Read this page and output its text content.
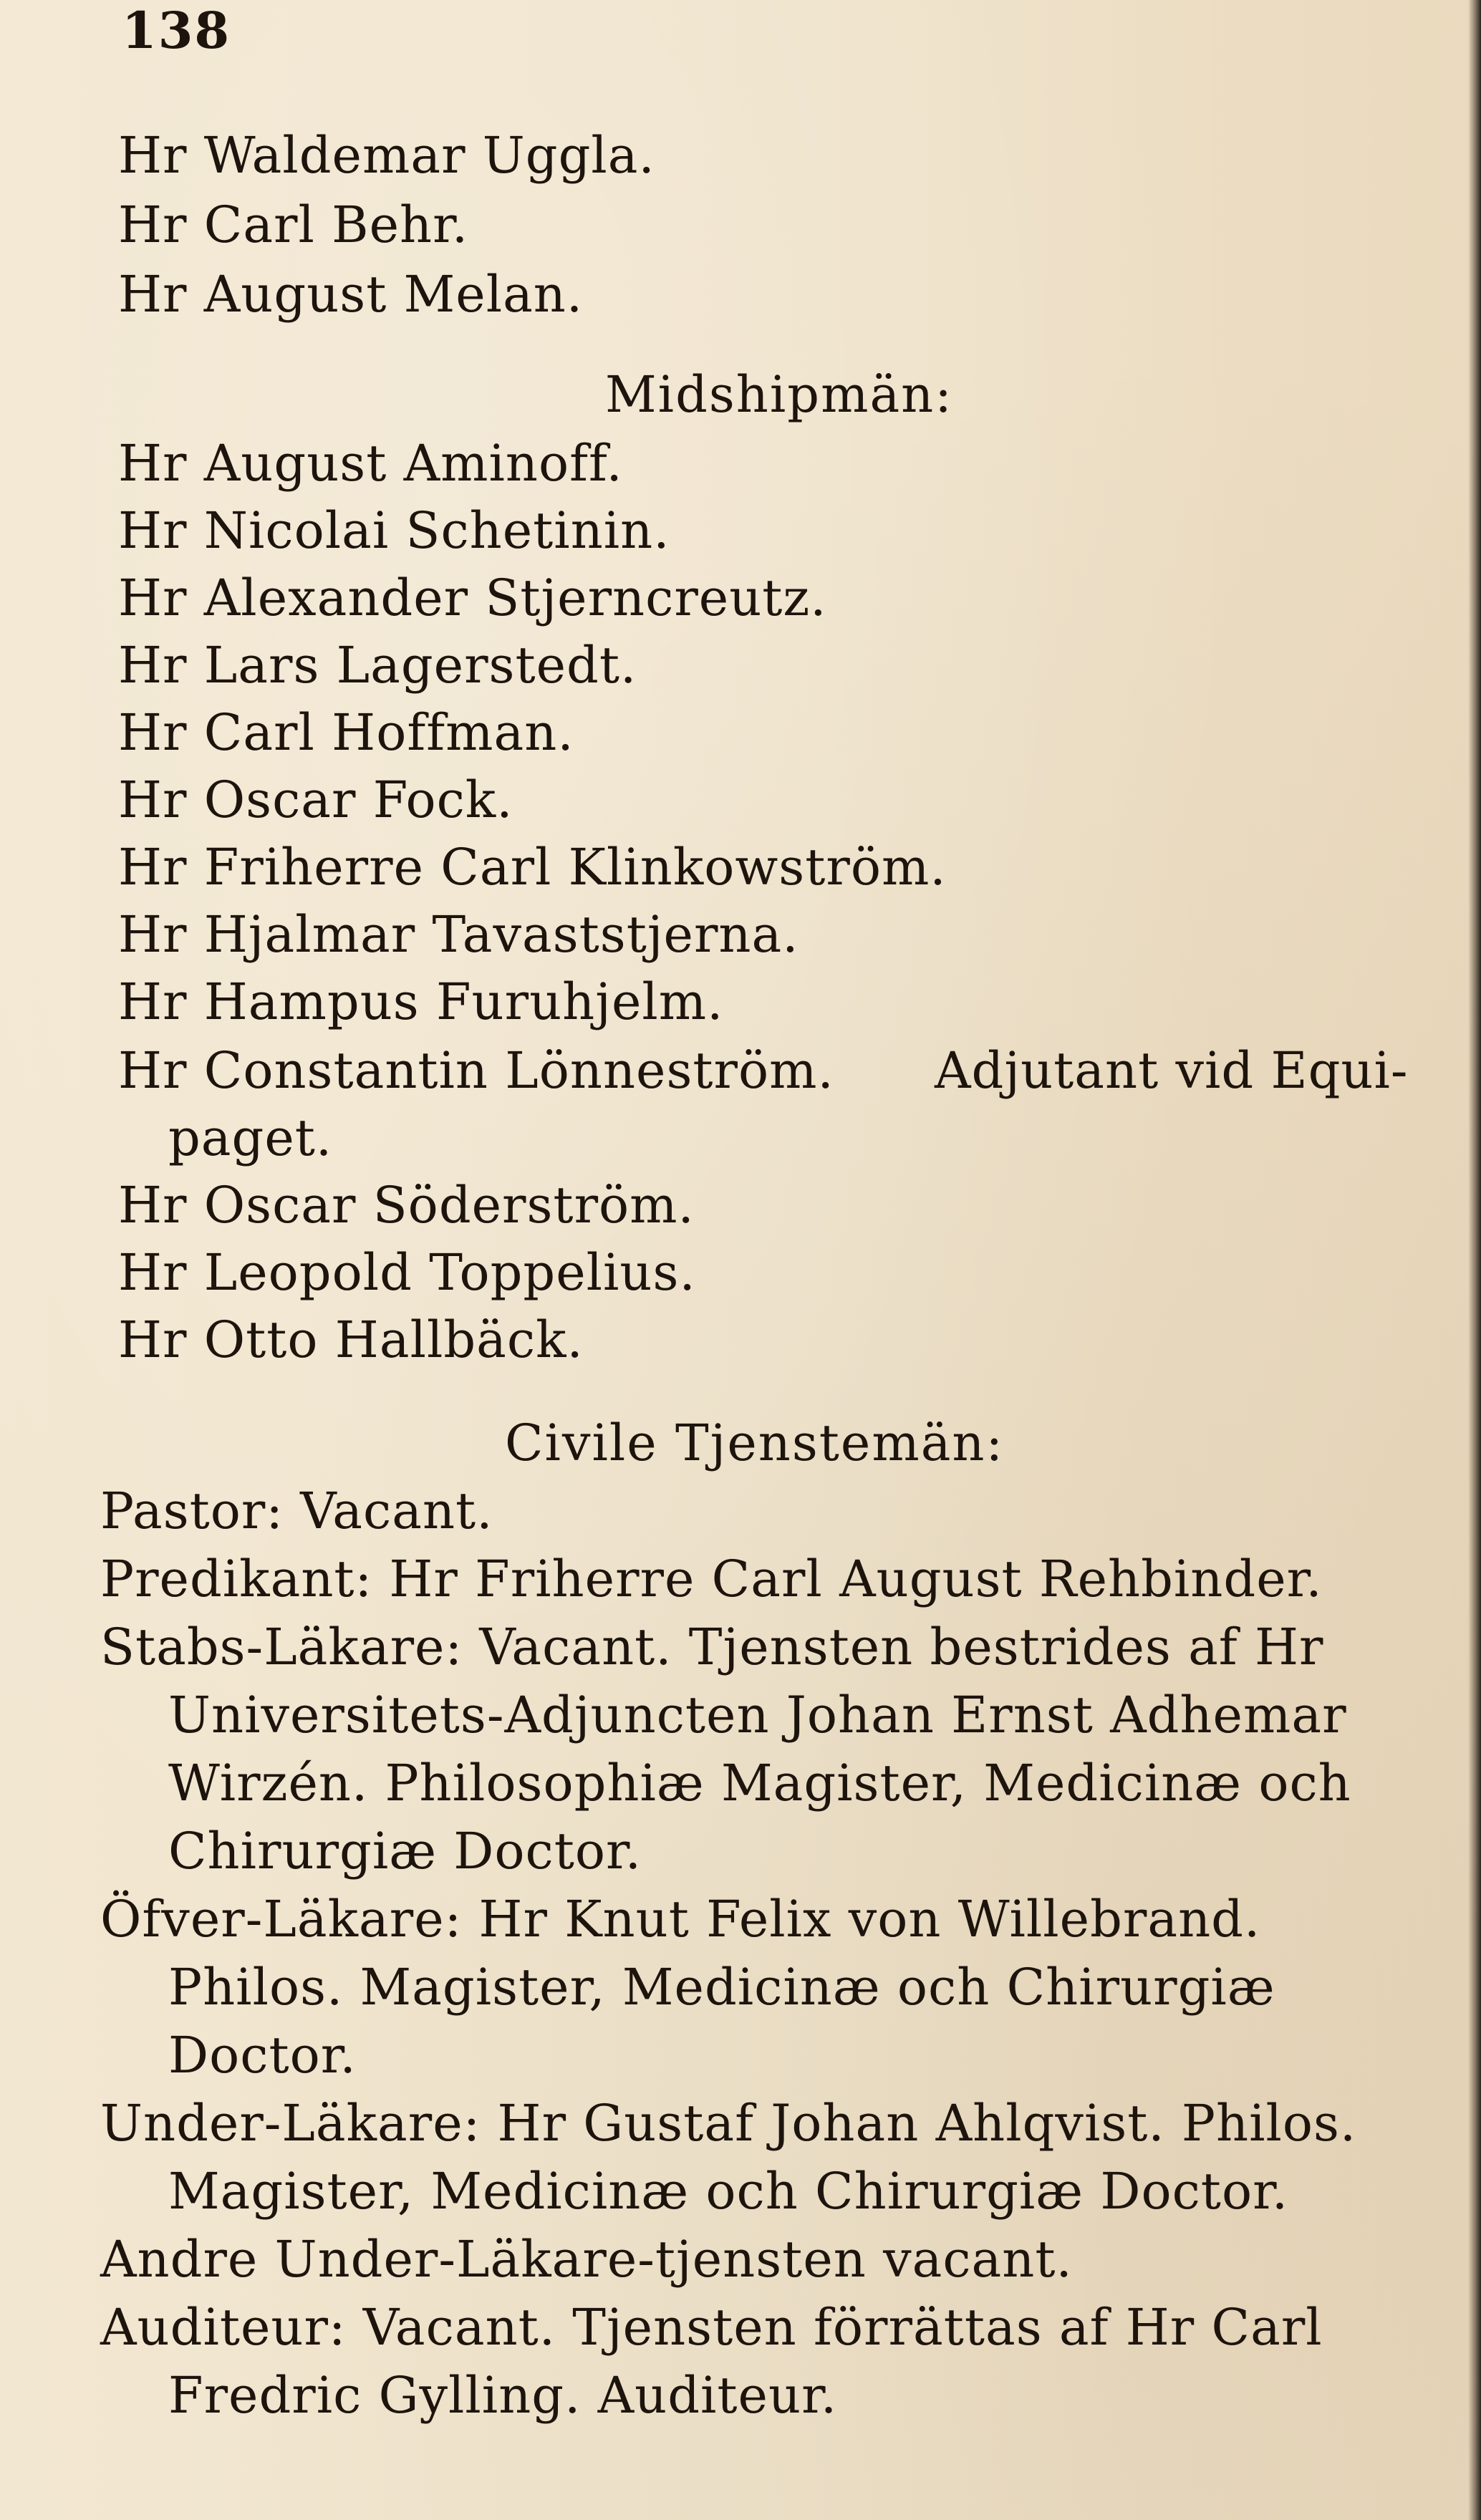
138
Hr Waldemar Uggla.
Hr Carl Behr.
Hr August Melan.
Midshipmän:
Hr August Aminoff.
Hr Nicolai Schetinin.
Hr Alexander Stjerncreutz.
Hr Lars Lagerstedt.
Hr Carl Hoffman.
Hr Oscar Fock.
Hr Friherre Carl Klinkowström.
Hr Hjalmar Tavaststjerna.
Hr Hampus Furuhjelm.
Hr Constantin Lönneström. Adjutant vid Equi-
paget.
Hr Oscar Söderström.
Hr Leopold Toppelius.
Hr Otto Hallbäck.
Civile Tjenstemän:
Pastor: Vacant.
Predikant: Hr Friherre Carl August Rehbinder.
Stabs-Läkare: Vacant. Tjensten bestrides af Hr
Universitets-Adjuncten Johan Ernst Adhemar
Wirzén. Philosophiæ Magister, Medicinæ och
Chirurgiæ Doctor.
Öfver-Läkare: Hr Knut Felix von Willebrand.
Philos. Magister, Medicinæ och Chirurgiæ
Doctor.
Under-Läkare: Hr Gustaf Johan Ahlqvist. Philos.
Magister, Medicinæ och Chirurgiæ Doctor.
Andre Under-Läkare-tjensten vacant.
Auditeur: Vacant. Tjensten förrättas af Hr Carl
Fredric Gylling. Auditeur.
